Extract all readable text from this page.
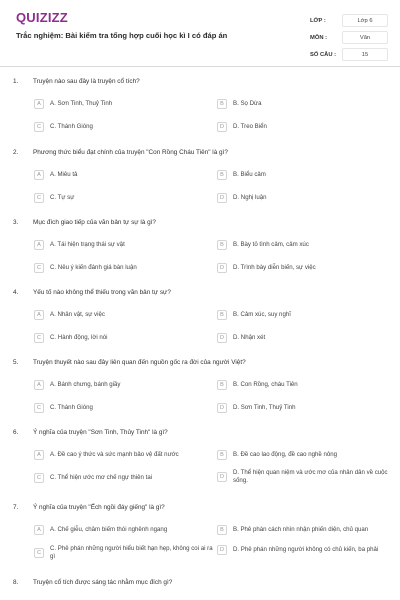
QUIZIZZ
Trắc nghiệm: Bài kiểm tra tổng hợp cuối học kì I có đáp án
LỚP :	Lớp 6
MÔN :	Văn
SỐ CÂU :	15
1.	Truyện nào sau đây là truyện cổ tích?
A	A. Sơn Tinh, Thuỷ Tinh	B	B. Sọ Dừa
C	C. Thánh Gióng	D	D. Treo Biển
2.	Phương thức biểu đạt chính của truyện "Con Rồng Cháu Tiên" là gì?
A	A. Miêu tả	B	B. Biểu cảm
C	C. Tự sự	D	D. Nghị luận
3.	Mục đích giao tiếp của văn bản tự sự là gì?
A	A. Tái hiện trạng thái sự vật	B	B. Bày tỏ tình cảm, cảm xúc
C	C. Nêu ý kiến đánh giá bàn luận	D	D. Trình bày diễn biến, sự việc
4.	Yếu tố nào không thể thiếu trong văn bản tự sự?
A	A. Nhân vật, sự việc	B	B. Cảm xúc, suy nghĩ
C	C. Hành động, lời nói	D	D. Nhận xét
5.	Truyện thuyết nào sau đây liên quan đến nguồn gốc ra đời của người Việt?
A	A. Bánh chưng, bánh giầy	B	B. Con Rồng, cháu Tiên
C	C. Thánh Gióng	D	D. Sơn Tinh, Thuỷ Tinh
6.	Ý nghĩa của truyện "Sơn Tinh, Thủy Tinh" là gì?
A	A. Đề cao ý thức và sức mạnh bảo vệ đất nước	B	B. Đề cao lao động, đề cao nghề nông
C	C. Thể hiện ước mơ chế ngự thiên tai	D
D. Thể hiện quan niệm và ước mơ của nhân dân về cuộc sống.
7.	Ý nghĩa của truyện "Ếch ngồi đáy giếng" là gì?
A	A. Chế giễu, châm biếm thói nghênh ngang	B	B. Phê phán cách nhìn nhận phiến diện, chủ quan
C
C. Phê phán những người hiểu biết hạn hẹp, không coi ai ra gì
D	D. Phê phán những người không có chủ kiến, ba phải
8.	Truyện cổ tích được sáng tác nhằm mục đích gì?
